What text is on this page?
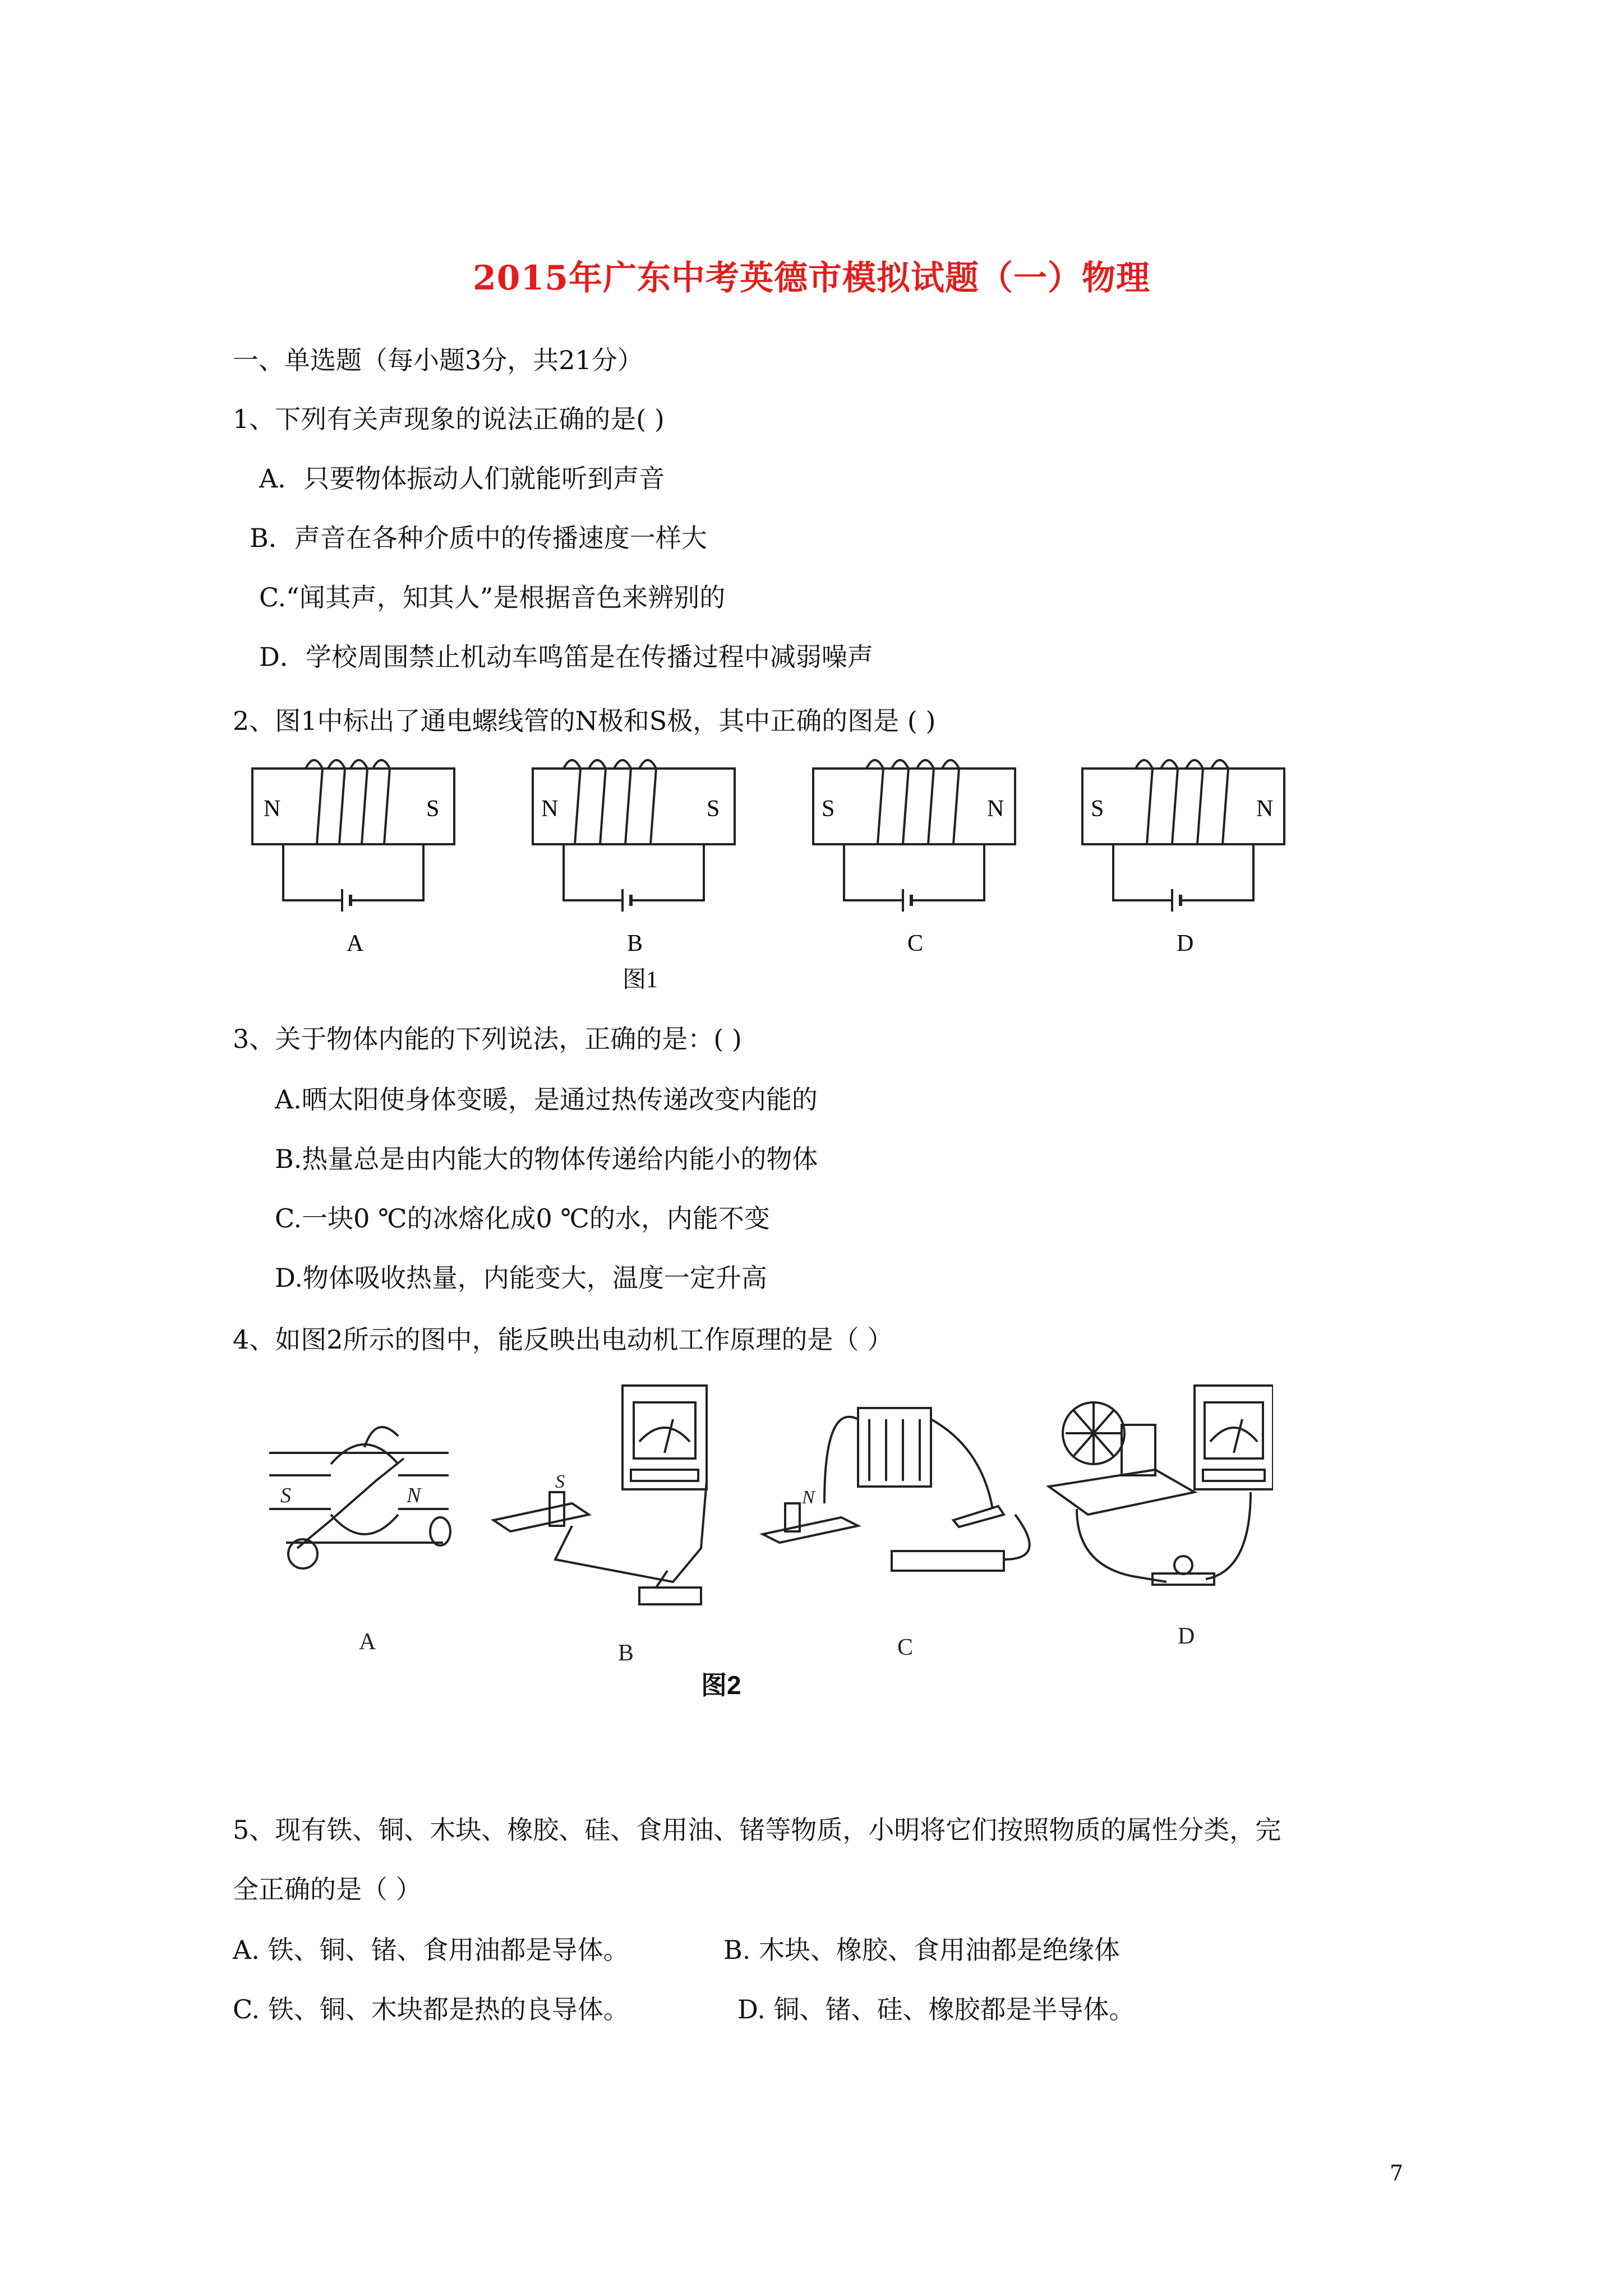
2015年广东中考英德市模拟试题（一）物理
一、单选题（每小题3分，共21分）
1、下列有关声现象的说法正确的是( )
A．只要物体振动人们就能听到声音
B．声音在各种介质中的传播速度一样大
C.“闻其声，知其人”是根据音色来辨别的
D．学校周围禁止机动车鸣笛是在传播过程中减弱噪声
2、图1中标出了通电螺线管的N极和S极，其中正确的图是 ( )
N	S
A
N	S
B
图1
S	N
C
S	N
D
3、关于物体内能的下列说法，正确的是：( )
A.晒太阳使身体变暖，是通过热传递改变内能的
B.热量总是由内能大的物体传递给内能小的物体
C.一块0 ℃的冰熔化成0 ℃的水，内能不变
D.物体吸收热量，内能变大，温度一定升高
4、如图2所示的图中，能反映出电动机工作原理的是（ ）
S	N
A
S
B
N
C	D
图2
5、现有铁、铜、木块、橡胶、硅、食用油、锗等物质，小明将它们按照物质的属性分类，完
全正确的是（ ）
A. 铁、铜、锗、食用油都是导体。	B. 木块、橡胶、食用油都是绝缘体
C. 铁、铜、木块都是热的良导体。	D. 铜、锗、硅、橡胶都是半导体。
7
